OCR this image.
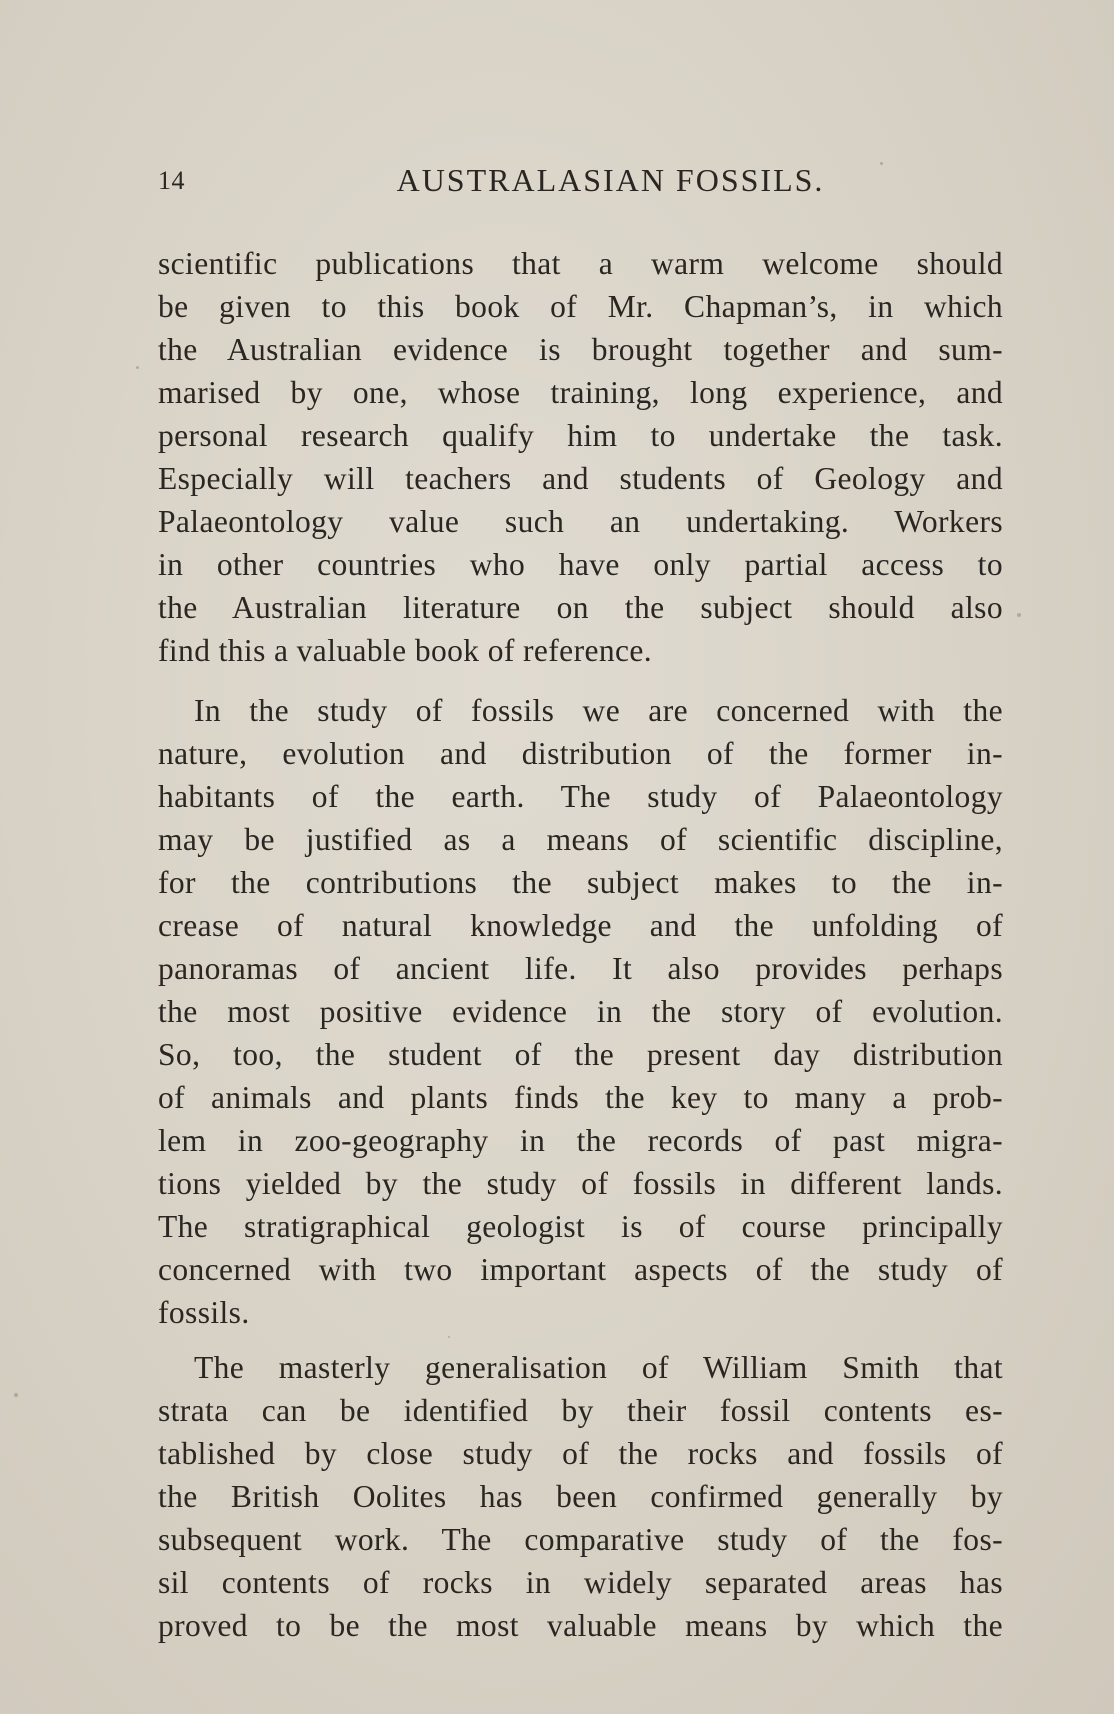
14	AUSTRALASIAN FOSSILS.

scientific publications that a warm welcome should
be given to this book of Mr. Chapman’s, in which
the Australian evidence is brought together and sum-
marised by one, whose training, long experience, and
personal research qualify him to undertake the task.
Especially will teachers and students of Geology and
Palaeontology value such an undertaking. Workers
in other countries who have only partial access to
the Australian literature on the subject should also
find this a valuable book of reference.

In the study of fossils we are concerned with the
nature, evolution and distribution of the former in-
habitants of the earth. The study of Palaeontology
may be justified as a means of scientific discipline,
for the contributions the subject makes to the in-
crease of natural knowledge and the unfolding of
panoramas of ancient life. It also provides perhaps
the most positive evidence in the story of evolution.
So, too, the student of the present day distribution
of animals and plants finds the key to many a prob-
lem in zoo-geography in the records of past migra-
tions yielded by the study of fossils in different lands.
The stratigraphical geologist is of course principally
concerned with two important aspects of the study of
fossils.

The masterly generalisation of William Smith that
strata can be identified by their fossil contents es-
tablished by close study of the rocks and fossils of
the British Oolites has been confirmed generally by
subsequent work. The comparative study of the fos-
sil contents of rocks in widely separated areas has
proved to be the most valuable means by which the
